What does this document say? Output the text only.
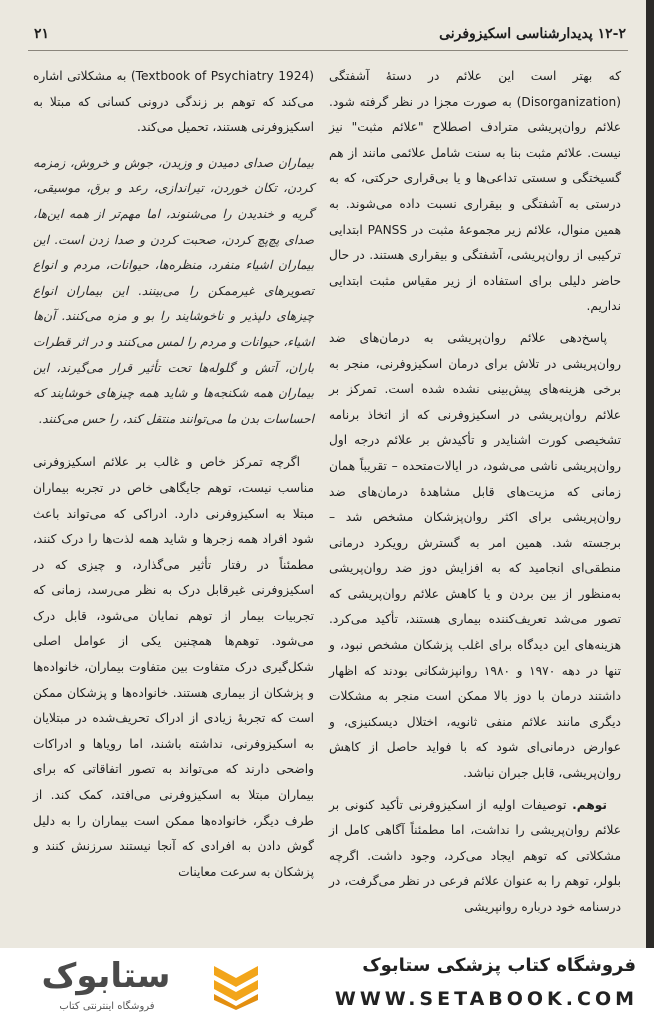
۱۲-۲ پدیدارشناسی اسکیزوفرنی
۲۱

که بهتر است این علائم در دستهٔ آشفتگی (Disorganization) به صورت مجزا در نظر گرفته شود. علائم روان‌پریشی مترادف اصطلاح "علائم مثبت" نیز نیست. علائم مثبت بنا به سنت شامل علائمی مانند از هم گسیختگی و سستی تداعی‌ها و یا بی‌قراری حرکتی، که به درستی به آشفتگی و بیقراری نسبت داده می‌شوند. به همین منوال، علائم زیر مجموعهٔ مثبت در PANSS ابتدایی ترکیبی از روان‌پریشی، آشفتگی و بیقراری هستند. در حال حاضر دلیلی برای استفاده از زیر مقیاس مثبت ابتدایی نداریم.

پاسخ‌دهی علائم روان‌پریشی به درمان‌های ضد روان‌پریشی در تلاش برای درمان اسکیزوفرنی، منجر به برخی هزینه‌های پیش‌بینی نشده شده است. تمرکز بر علائم روان‌پریشی در اسکیزوفرنی که از اتخاذ برنامه تشخیصی کورت اشنایدر و تأکیدش بر علائم درجه اول روان‌پریشی ناشی می‌شود، در ایالات‌متحده – تقریباً همان زمانی که مزیت‌های قابل مشاهدهٔ درمان‌های ضد روان‌پریشی برای اکثر روان‌پزشکان مشخص شد – برجسته شد. همین امر به گسترش رویکرد درمانی منطقی‌ای انجامید که به افزایش دوز ضد روان‌پریشی به‌منظور از بین بردن و یا کاهش علائم روان‌پریشی که تصور می‌شد تعریف‌کننده بیماری هستند، تأکید می‌کرد. هزینه‌های این دیدگاه برای اغلب پزشکان مشخص نبود، و تنها در دهه ۱۹۷۰ و ۱۹۸۰ روانپزشکانی بودند که اظهار داشتند درمان با دوز بالا ممکن است منجر به مشکلات دیگری مانند علائم منفی ثانویه، اختلال دیسکنیزی، و عوارض درمانی‌ای شود که با فواید حاصل از کاهش روان‌پریشی، قابل جبران نباشد.

توهم. توصیفات اولیه از اسکیزوفرنی تأکید کنونی بر علائم روان‌پریشی را نداشت، اما مطمئناً آگاهی کامل از مشکلاتی که توهم ایجاد می‌کرد، وجود داشت. اگرچه بلولر، توهم را به عنوان علائم فرعی در نظر می‌گرفت، در درسنامه خود درباره روانپریشی

(Textbook of Psychiatry 1924) به مشکلاتی اشاره می‌کند که توهم بر زندگی درونی کسانی که مبتلا به اسکیزوفرنی هستند، تحمیل می‌کند.

بیماران صدای دمیدن و وزیدن، جوش و خروش، زمزمه کردن، تکان خوردن، تیراندازی، رعد و برق، موسیقی، گریه و خندیدن را می‌شنوند، اما مهم‌تر از همه این‌ها، صدای پچ‌پچ کردن، صحبت کردن و صدا زدن است. این بیماران اشیاء منفرد، منظره‌ها، حیوانات، مردم و انواع تصویرهای غیرممکن را می‌بینند. این بیماران انواع چیزهای دلپذیر و ناخوشایند را بو و مزه می‌کنند. آن‌ها اشیاء، حیوانات و مردم را لمس می‌کنند و در اثر قطرات باران، آتش و گلوله‌ها تحت تأثیر قرار می‌گیرند، این بیماران همه شکنجه‌ها و شاید همه چیزهای خوشایند که احساسات بدن ما می‌توانند منتقل کند، را حس می‌کنند.

اگرچه تمرکز خاص و غالب بر علائم اسکیزوفرنی مناسب نیست، توهم جایگاهی خاص در تجربه بیماران مبتلا به اسکیزوفرنی دارد. ادراکی که می‌تواند باعث شود افراد همه زجرها و شاید همه لذت‌ها را درک کنند، مطمئناً در رفتار تأثیر می‌گذارد، و چیزی که در اسکیزوفرنی غیرقابل درک به نظر می‌رسد، زمانی که تجربیات بیمار از توهم نمایان می‌شود، قابل درک می‌شود. توهم‌ها همچنین یکی از عوامل اصلی شکل‌گیری درک متفاوت بین متفاوت بیماران، خانواده‌ها و پزشکان از بیماری هستند. خانواده‌ها و پزشکان ممکن است که تجربهٔ زیادی از ادراک تحریف‌شده در مبتلایان به اسکیزوفرنی، نداشته باشند، اما رویاها و ادراکات واضحی دارند که می‌تواند به تصور اتفاقاتی که برای بیماران مبتلا به اسکیزوفرنی می‌افتد، کمک کند. از طرف دیگر، خانواده‌ها ممکن است بیماران را به دلیل گوش دادن به افرادی که آنجا نیستند سرزنش کنند و پزشکان به سرعت معاینات

ستابوک
فروشگاه اینترنتی کتاب
فروشگاه کتاب پزشکی ستابوک
WWW.SETABOOK.COM
